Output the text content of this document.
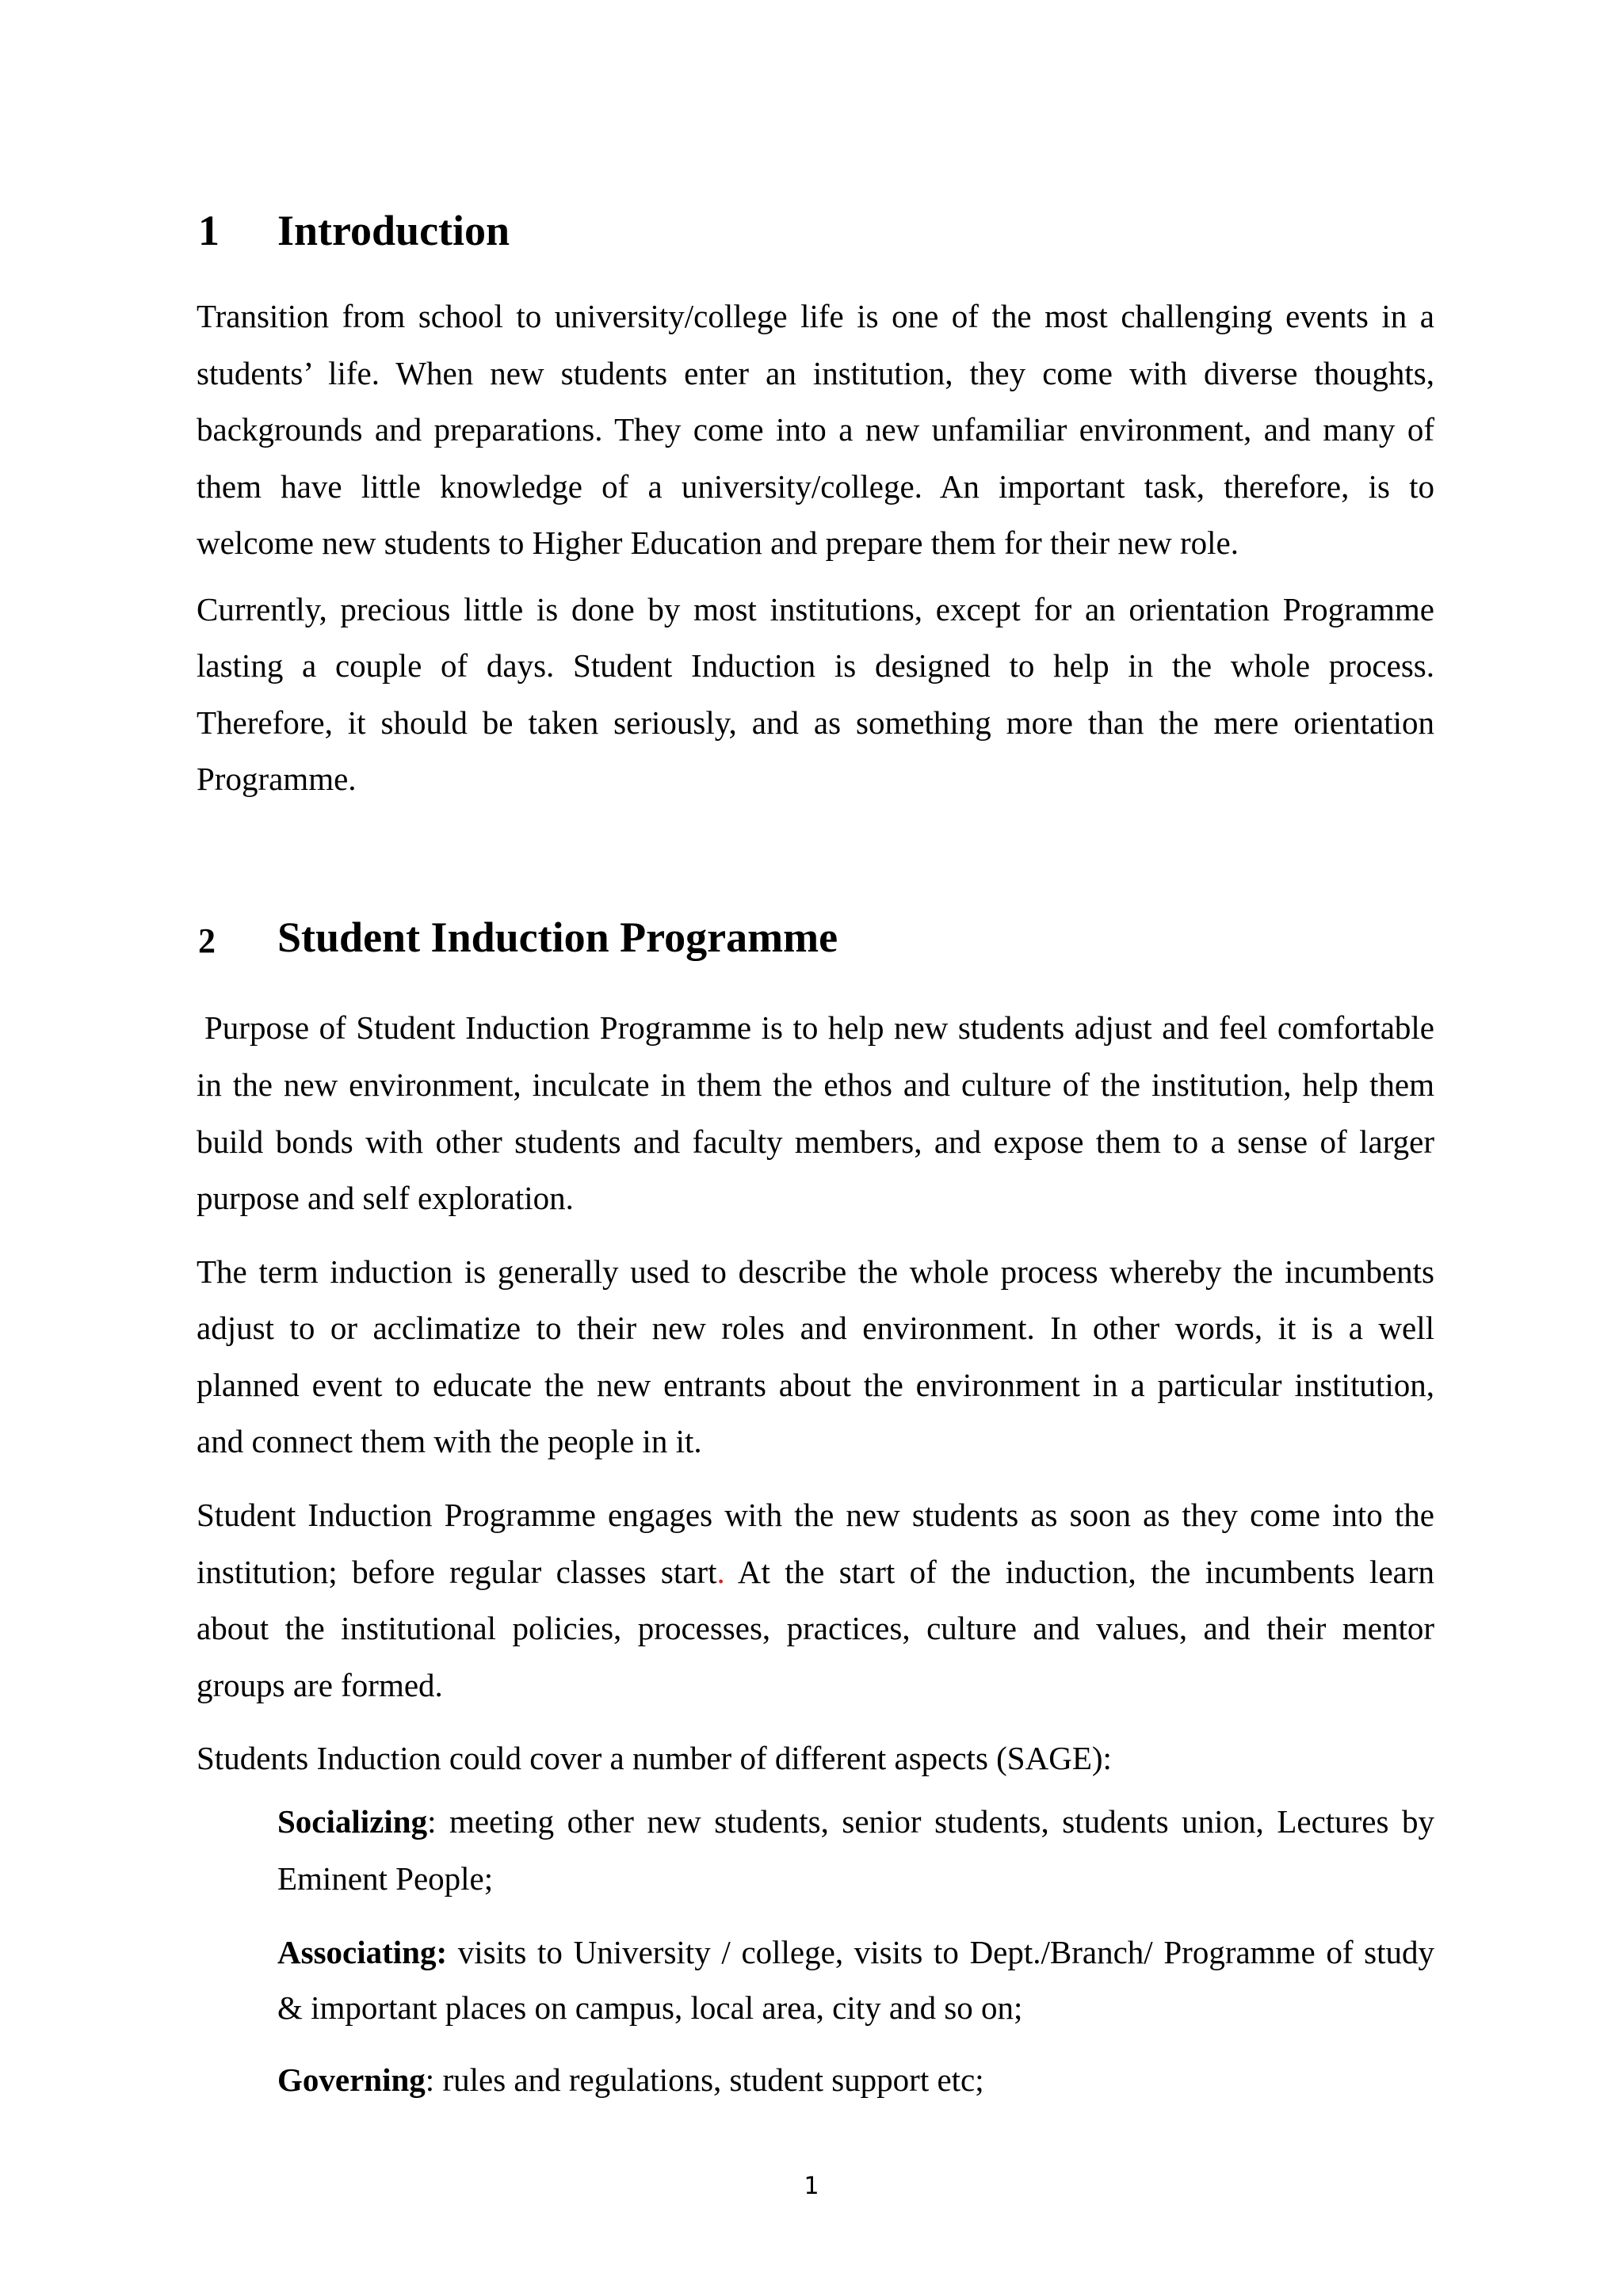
1 Introduction
Transition from school to university/college life is one of the most challenging events in a
students’ life. When new students enter an institution, they come with diverse thoughts,
backgrounds and preparations. They come into a new unfamiliar environment, and many of
them have little knowledge of a university/college. An important task, therefore, is to
welcome new students to Higher Education and prepare them for their new role.
Currently, precious little is done by most institutions, except for an orientation Programme
lasting a couple of days. Student Induction is designed to help in the whole process.
Therefore, it should be taken seriously, and as something more than the mere orientation
Programme.
2 Student Induction Programme
Purpose of Student Induction Programme is to help new students adjust and feel comfortable
in the new environment, inculcate in them the ethos and culture of the institution, help them
build bonds with other students and faculty members, and expose them to a sense of larger
purpose and self exploration.
The term induction is generally used to describe the whole process whereby the incumbents
adjust to or acclimatize to their new roles and environment. In other words, it is a well
planned event to educate the new entrants about the environment in a particular institution,
and connect them with the people in it.
Student Induction Programme engages with the new students as soon as they come into the
institution; before regular classes start. At the start of the induction, the incumbents learn
about the institutional policies, processes, practices, culture and values, and their mentor
groups are formed.
Students Induction could cover a number of different aspects (SAGE):
Socializing: meeting other new students, senior students, students union, Lectures by
Eminent People;
Associating: visits to University / college, visits to Dept./Branch/ Programme of study
& important places on campus, local area, city and so on;
Governing: rules and regulations, student support etc;
1
